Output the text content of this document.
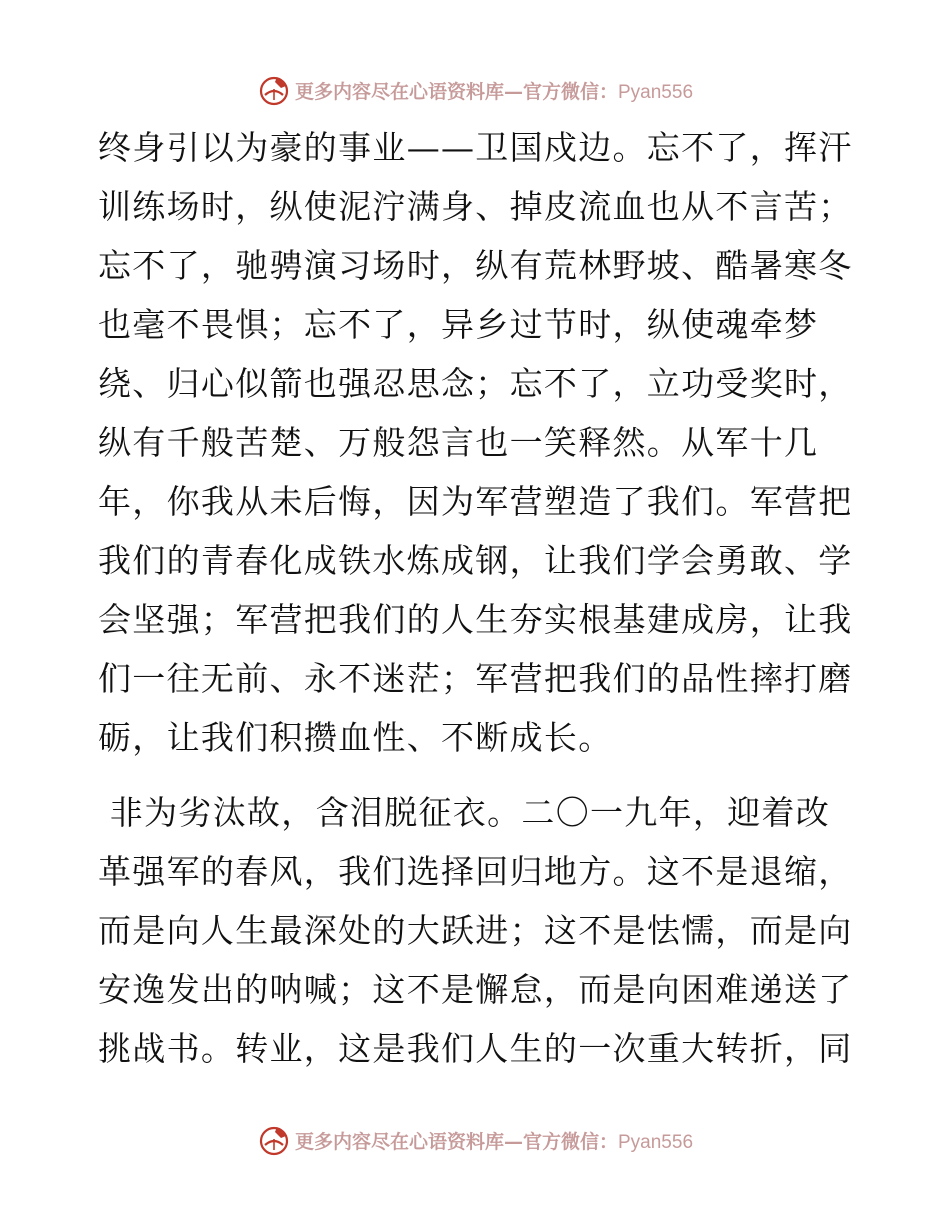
更多内容尽在心语资料库—官方微信：Pyan556
终身引以为豪的事业——卫国戍边。忘不了，挥汗
训练场时，纵使泥泞满身、掉皮流血也从不言苦；
忘不了，驰骋演习场时，纵有荒林野坡、酷暑寒冬
也毫不畏惧；忘不了，异乡过节时，纵使魂牵梦
绕、归心似箭也强忍思念；忘不了，立功受奖时，
纵有千般苦楚、万般怨言也一笑释然。从军十几
年，你我从未后悔，因为军营塑造了我们。军营把
我们的青春化成铁水炼成钢，让我们学会勇敢、学
会坚强；军营把我们的人生夯实根基建成房，让我
们一往无前、永不迷茫；军营把我们的品性摔打磨
砺，让我们积攒血性、不断成长。
非为劣汰故，含泪脱征衣。二〇一九年，迎着改
革强军的春风，我们选择回归地方。这不是退缩，
而是向人生最深处的大跃进；这不是怯懦，而是向
安逸发出的呐喊；这不是懈怠，而是向困难递送了
挑战书。转业，这是我们人生的一次重大转折，同
更多内容尽在心语资料库—官方微信：Pyan556
